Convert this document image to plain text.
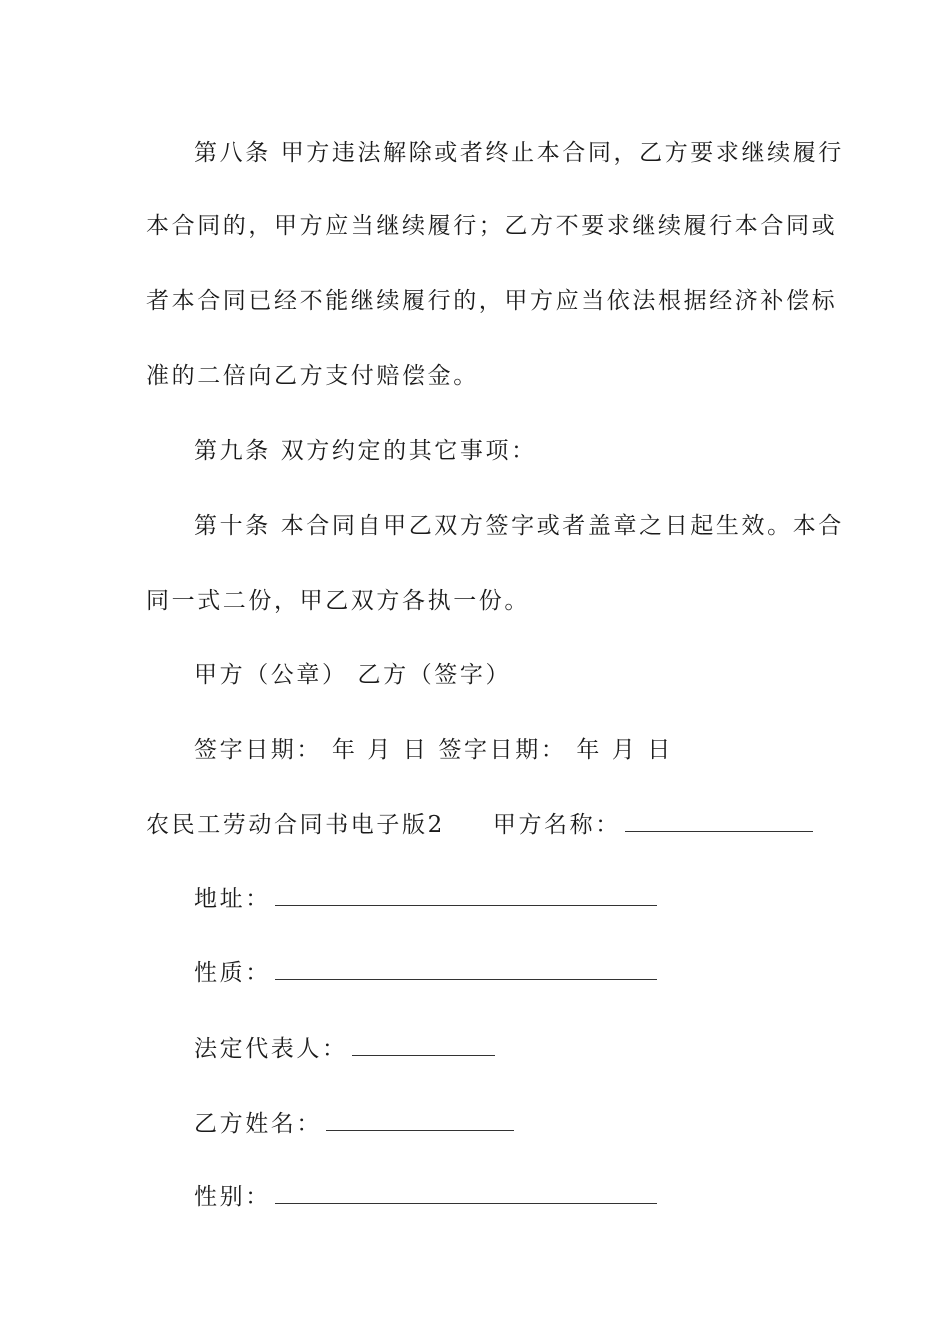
第八条 甲方违法解除或者终止本合同，乙方要求继续履行
本合同的，甲方应当继续履行；乙方不要求继续履行本合同或
者本合同已经不能继续履行的，甲方应当依法根据经济补偿标
准的二倍向乙方支付赔偿金。
第九条 双方约定的其它事项：
第十条 本合同自甲乙双方签字或者盖章之日起生效。本合
同一式二份，甲乙双方各执一份。
甲方（公章） 乙方（签字）
签字日期： 年 月 日 签字日期： 年 月 日
农民工劳动合同书电子版2 甲方名称：
地址：
性质：
法定代表人：
乙方姓名：
性别：
